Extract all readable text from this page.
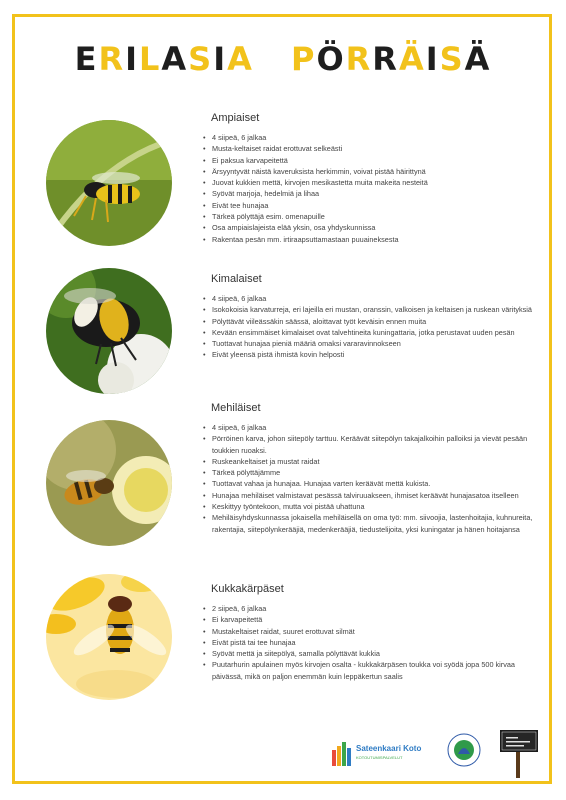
ERILASIA PÖRRÄISÄ
Ampiaiset
• 4 siipeä, 6 jalkaa
• Musta-keltaiset raidat erottuvat selkeästi
• Ei paksua karvapeitettä
• Ärsyyntyvät näistä kaveruksista herkimmin, voivat pistää häirittynä
• Juovat kukkien mettä, kirvojen mesikastetta muita makeita nesteitä
• Syövät marjoja, hedelmiä ja lihaa
• Eivät tee hunajaa
• Tärkeä pölyttäjä esim. omenapuille
• Osa ampiaislajeista elää yksin, osa yhdyskunnissa
• Rakentaa pesän mm. irtiraapsuttamastaan puuaineksesta
Kimalaiset
• 4 siipeä, 6 jalkaa
• Isokokoisia karvaturreja, eri lajeilla eri mustan, oranssin, valkoisen ja keltaisen ja ruskean värityksiä
• Pölyttävät viileässäkin säässä, aloittavat työt keväisin ennen muita
• Kevään ensimmäiset kimalaiset ovat talvehtineita kuningattaria, jotka perustavat uuden pesän
• Tuottavat hunajaa pieniä määriä omaksi vararavinnokseen
• Eivät yleensä pistä ihmistä kovin helposti
Mehiläiset
• 4 siipeä, 6 jalkaa
• Pörröinen karva, johon siitepöly tarttuu. Keräävät siitepölyn takajalkoihin palloiksi ja vievät pesään toukkien ruoaksi.
• Ruskeankeltaiset ja mustat raidat
• Tärkeä pölyttäjämme
• Tuottavat vahaa ja hunajaa. Hunajaa varten keräävät mettä kukista.
• Hunajaa mehiläiset valmistavat pesässä talviruuakseen, ihmiset keräävät hunajasatoa itselleen
• Keskittyy työntekoon, mutta voi pistää uhattuna
• Mehiläisyhdyskunnassa jokaisella mehiläisellä on oma työ: mm. siivoojia, lastenhoitajia, kuhnureita, rakentajia, siitepölynkerääjiä, medenkerääjiä, tiedustelijoita, yksi kuningatar ja hänen hoitajansa
Kukkakärpäset
• 2 siipeä, 6 jalkaa
• Ei karvapeitettä
• Mustakeltaiset raidat, suuret erottuvat silmät
• Eivät pistä tai tee hunajaa
• Syövät mettä ja siitepölyä, samalla pölyttävät kukkia
• Puutarhurin apulainen myös kirvojen osalta - kukkakärpäsen toukka voi syödä jopa 500 kirvaa päivässä, mikä on paljon enemmän kuin leppäkertun saalis
Sateenkaari Koto
KOTOUTUMISPALVELUT
